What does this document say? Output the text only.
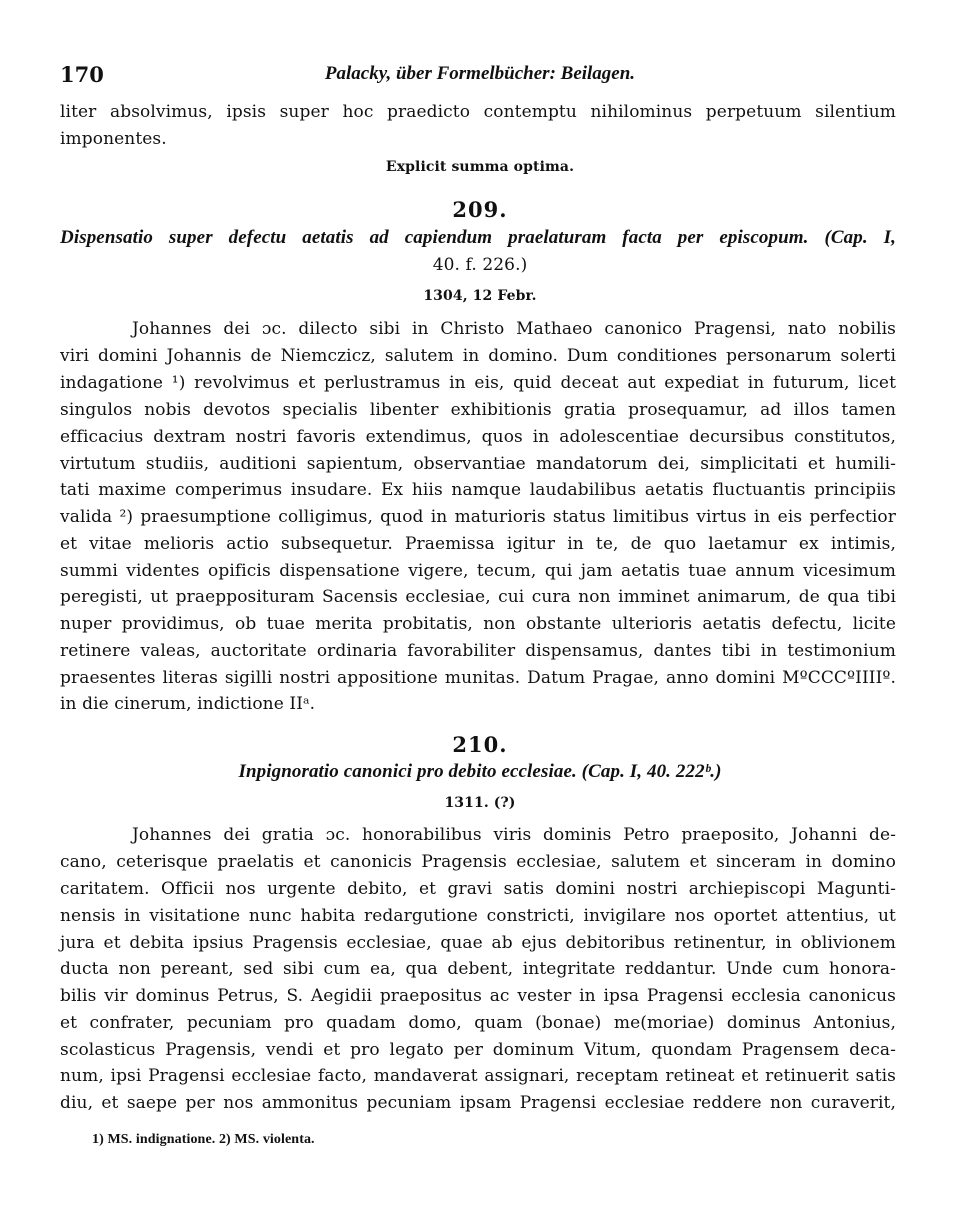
170	Palacky, über Formelbücher: Beilagen.
liter absolvimus, ipsis super hoc praedicto contemptu nihilominus perpetuum silentium
imponentes.
Explicit summa optima.
209.
Dispensatio super defectu aetatis ad capiendum praelaturam facta per episcopum. (Cap. I,
40. f. 226.)
1304, 12 Febr.
Johannes dei ɔc. dilecto sibi in Christo Mathaeo canonico Pragensi, nato nobilis
viri domini Johannis de Niemczicz, salutem in domino. Dum conditiones personarum solerti
indagatione ¹) revolvimus et perlustramus in eis, quid deceat aut expediat in futurum, licet
singulos nobis devotos specialis libenter exhibitionis gratia prosequamur, ad illos tamen
efficacius dextram nostri favoris extendimus, quos in adolescentiae decursibus constitutos,
virtutum studiis, auditioni sapientum, observantiae mandatorum dei, simplicitati et humili-
tati maxime comperimus insudare. Ex hiis namque laudabilibus aetatis fluctuantis principiis
valida ²) praesumptione colligimus, quod in maturioris status limitibus virtus in eis perfectior
et vitae melioris actio subsequetur. Praemissa igitur in te, de quo laetamur ex intimis,
summi videntes opificis dispensatione vigere, tecum, qui jam aetatis tuae annum vicesimum
peregisti, ut praepposituram Sacensis ecclesiae, cui cura non imminet animarum, de qua tibi
nuper providimus, ob tuae merita probitatis, non obstante ulterioris aetatis defectu, licite
retinere valeas, auctoritate ordinaria favorabiliter dispensamus, dantes tibi in testimonium
praesentes literas sigilli nostri appositione munitas. Datum Pragae, anno domini MºCCCºIIIIº.
in die cinerum, indictione IIᵃ.
210.
Inpignoratio canonici pro debito ecclesiae. (Cap. I, 40. 222ᵇ.)
1311. (?)
Johannes dei gratia ɔc. honorabilibus viris dominis Petro praeposito, Johanni de-
cano, ceterisque praelatis et canonicis Pragensis ecclesiae, salutem et sinceram in domino
caritatem. Officii nos urgente debito, et gravi satis domini nostri archiepiscopi Magunti-
nensis in visitatione nunc habita redargutione constricti, invigilare nos oportet attentius, ut
jura et debita ipsius Pragensis ecclesiae, quae ab ejus debitoribus retinentur, in oblivionem
ducta non pereant, sed sibi cum ea, qua debent, integritate reddantur. Unde cum honora-
bilis vir dominus Petrus, S. Aegidii praepositus ac vester in ipsa Pragensi ecclesia canonicus
et confrater, pecuniam pro quadam domo, quam (bonae) me(moriae) dominus Antonius,
scolasticus Pragensis, vendi et pro legato per dominum Vitum, quondam Pragensem deca-
num, ipsi Pragensi ecclesiae facto, mandaverat assignari, receptam retineat et retinuerit satis
diu, et saepe per nos ammonitus pecuniam ipsam Pragensi ecclesiae reddere non curaverit,
1) MS. indignatione. 2) MS. violenta.
